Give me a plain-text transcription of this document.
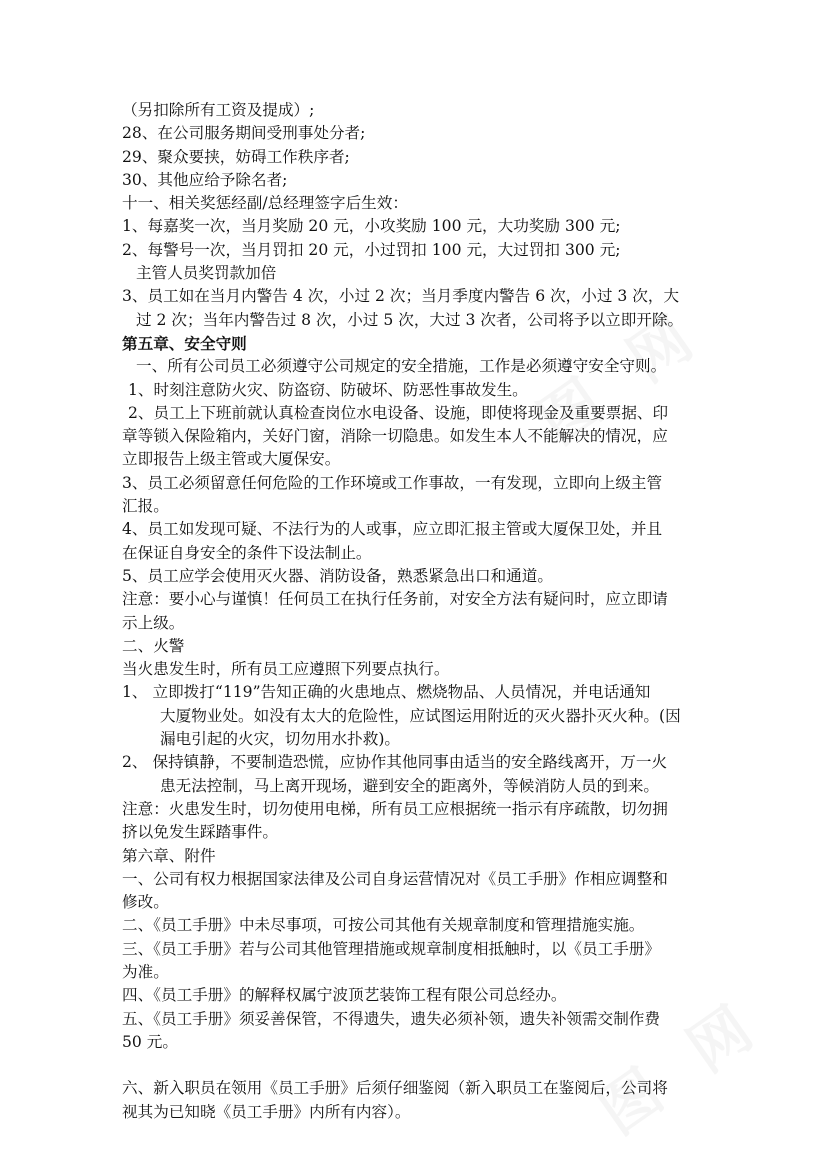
（另扣除所有工资及提成）;
28、在公司服务期间受刑事处分者;
29、聚众要挟，妨碍工作秩序者;
30、其他应给予除名者;
十一、相关奖惩经副/总经理签字后生效：
1、每嘉奖一次，当月奖励 20 元，小攻奖励 100 元，大功奖励 300 元;
2、每警号一次，当月罚扣 20 元，小过罚扣 100 元，大过罚扣 300 元;
主管人员奖罚款加倍
3、员工如在当月内警告 4 次，小过 2 次；当月季度内警告 6 次，小过 3 次，大
过 2 次；当年内警告过 8 次，小过 5 次，大过 3 次者，公司将予以立即开除。
第五章、安全守则
一、所有公司员工必须遵守公司规定的安全措施，工作是必须遵守安全守则。
1、时刻注意防火灾、防盗窃、防破坏、防恶性事故发生。
2、员工上下班前就认真检查岗位水电设备、设施，即使将现金及重要票据、印
章等锁入保险箱内，关好门窗，消除一切隐患。如发生本人不能解决的情况，应
立即报告上级主管或大厦保安。
3、员工必须留意任何危险的工作环境或工作事故，一有发现，立即向上级主管
汇报。
4、员工如发现可疑、不法行为的人或事，应立即汇报主管或大厦保卫处，并且
在保证自身安全的条件下设法制止。
5、员工应学会使用灭火器、消防设备，熟悉紧急出口和通道。
注意：要小心与谨慎！任何员工在执行任务前，对安全方法有疑问时，应立即请
示上级。
二、火警
当火患发生时，所有员工应遵照下列要点执行。
1、 立即拨打“119”告知正确的火患地点、燃烧物品、人员情况，并电话通知
大厦物业处。如没有太大的危险性，应试图运用附近的灭火器扑灭火种。(因
漏电引起的火灾，切勿用水扑救)。
2、 保持镇静，不要制造恐慌，应协作其他同事由适当的安全路线离开，万一火
患无法控制，马上离开现场，避到安全的距离外，等候消防人员的到来。
注意：火患发生时，切勿使用电梯，所有员工应根据统一指示有序疏散，切勿拥
挤以免发生踩踏事件。
第六章、附件
一、公司有权力根据国家法律及公司自身运营情况对《员工手册》作相应调整和
修改。
二、《员工手册》中未尽事项，可按公司其他有关规章制度和管理措施实施。
三、《员工手册》若与公司其他管理措施或规章制度相抵触时，以《员工手册》
为准。
四、《员工手册》的解释权属宁波顶艺装饰工程有限公司总经办。
五、《员工手册》须妥善保管，不得遗失，遗失必须补领，遗失补领需交制作费
50 元。
六、新入职员在领用《员工手册》后须仔细鉴阅（新入职员工在鉴阅后，公司将
视其为已知晓《员工手册》内所有内容）。
